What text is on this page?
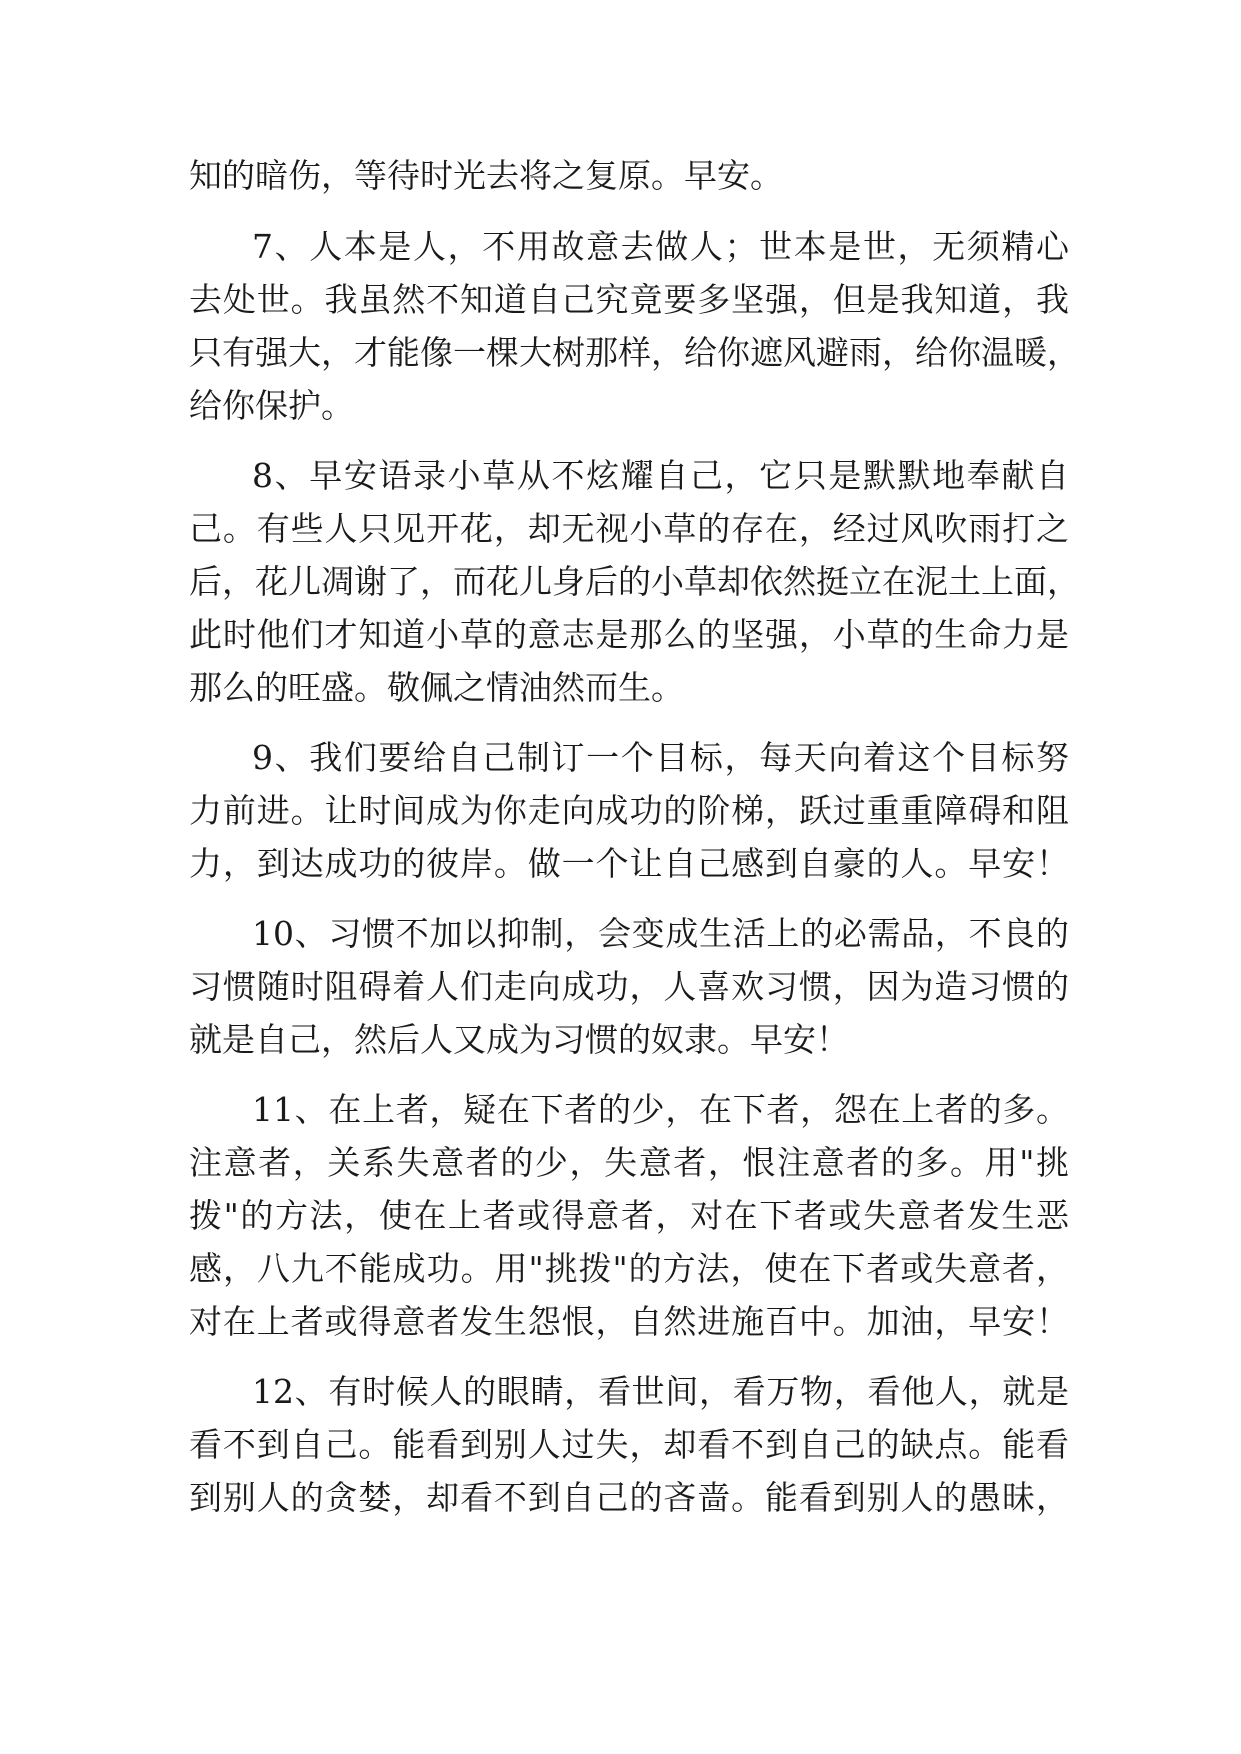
知的暗伤，等待时光去将之复原。早安。

7、人本是人，不用故意去做人；世本是世，无须精心

去处世。我虽然不知道自己究竟要多坚强，但是我知道，我

只有强大，才能像一棵大树那样，给你遮风避雨，给你温暖，

给你保护。

8、早安语录小草从不炫耀自己，它只是默默地奉献自

己。有些人只见开花，却无视小草的存在，经过风吹雨打之

后，花儿凋谢了，而花儿身后的小草却依然挺立在泥土上面，

此时他们才知道小草的意志是那么的坚强，小草的生命力是

那么的旺盛。敬佩之情油然而生。

9、我们要给自己制订一个目标，每天向着这个目标努

力前进。让时间成为你走向成功的阶梯，跃过重重障碍和阻

力，到达成功的彼岸。做一个让自己感到自豪的人。早安！

10、习惯不加以抑制，会变成生活上的必需品，不良的

习惯随时阻碍着人们走向成功，人喜欢习惯，因为造习惯的

就是自己，然后人又成为习惯的奴隶。早安！

11、在上者，疑在下者的少，在下者，怨在上者的多。

注意者，关系失意者的少，失意者，恨注意者的多。用"挑

拨"的方法，使在上者或得意者，对在下者或失意者发生恶

感，八九不能成功。用"挑拨"的方法，使在下者或失意者，

对在上者或得意者发生怨恨，自然进施百中。加油，早安！

12、有时候人的眼睛，看世间，看万物，看他人，就是

看不到自己。能看到别人过失，却看不到自己的缺点。能看

到别人的贪婪，却看不到自己的吝啬。能看到别人的愚昧，
